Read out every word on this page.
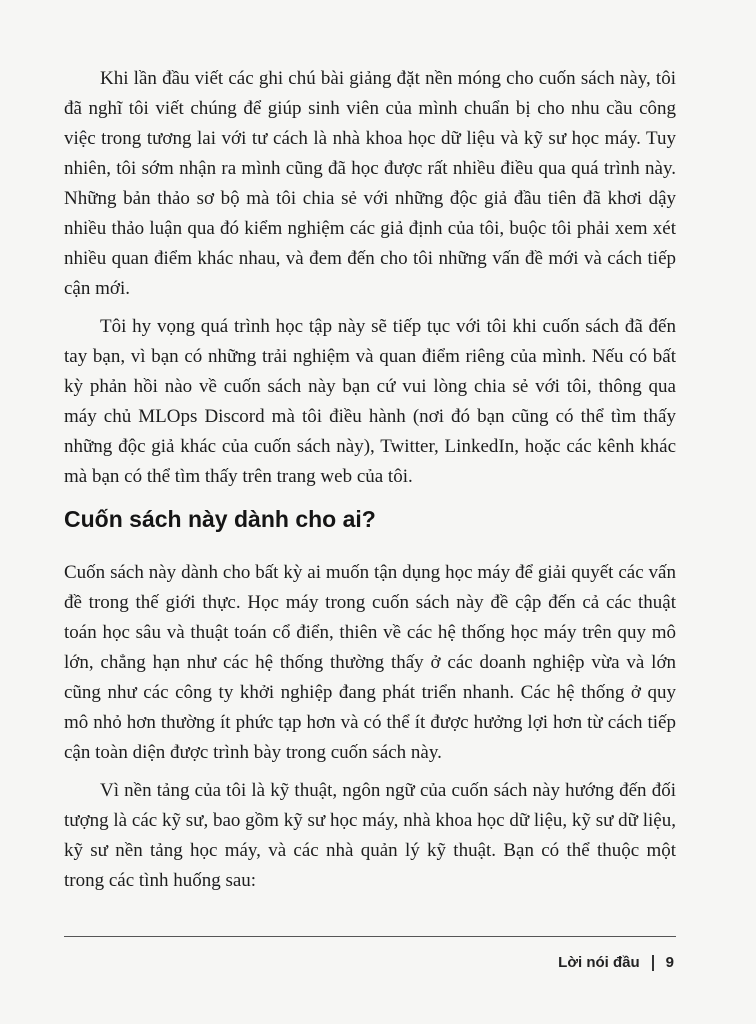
Khi lần đầu viết các ghi chú bài giảng đặt nền móng cho cuốn sách này, tôi đã nghĩ tôi viết chúng để giúp sinh viên của mình chuẩn bị cho nhu cầu công việc trong tương lai với tư cách là nhà khoa học dữ liệu và kỹ sư học máy. Tuy nhiên, tôi sớm nhận ra mình cũng đã học được rất nhiều điều qua quá trình này. Những bản thảo sơ bộ mà tôi chia sẻ với những độc giả đầu tiên đã khơi dậy nhiều thảo luận qua đó kiểm nghiệm các giả định của tôi, buộc tôi phải xem xét nhiều quan điểm khác nhau, và đem đến cho tôi những vấn đề mới và cách tiếp cận mới.

Tôi hy vọng quá trình học tập này sẽ tiếp tục với tôi khi cuốn sách đã đến tay bạn, vì bạn có những trải nghiệm và quan điểm riêng của mình. Nếu có bất kỳ phản hồi nào về cuốn sách này bạn cứ vui lòng chia sẻ với tôi, thông qua máy chủ MLOps Discord mà tôi điều hành (nơi đó bạn cũng có thể tìm thấy những độc giả khác của cuốn sách này), Twitter, LinkedIn, hoặc các kênh khác mà bạn có thể tìm thấy trên trang web của tôi.

Cuốn sách này dành cho ai?

Cuốn sách này dành cho bất kỳ ai muốn tận dụng học máy để giải quyết các vấn đề trong thế giới thực. Học máy trong cuốn sách này đề cập đến cả các thuật toán học sâu và thuật toán cổ điển, thiên về các hệ thống học máy trên quy mô lớn, chẳng hạn như các hệ thống thường thấy ở các doanh nghiệp vừa và lớn cũng như các công ty khởi nghiệp đang phát triển nhanh. Các hệ thống ở quy mô nhỏ hơn thường ít phức tạp hơn và có thể ít được hưởng lợi hơn từ cách tiếp cận toàn diện được trình bày trong cuốn sách này.

Vì nền tảng của tôi là kỹ thuật, ngôn ngữ của cuốn sách này hướng đến đối tượng là các kỹ sư, bao gồm kỹ sư học máy, nhà khoa học dữ liệu, kỹ sư dữ liệu, kỹ sư nền tảng học máy, và các nhà quản lý kỹ thuật. Bạn có thể thuộc một trong các tình huống sau:

Lời nói đầu 9
